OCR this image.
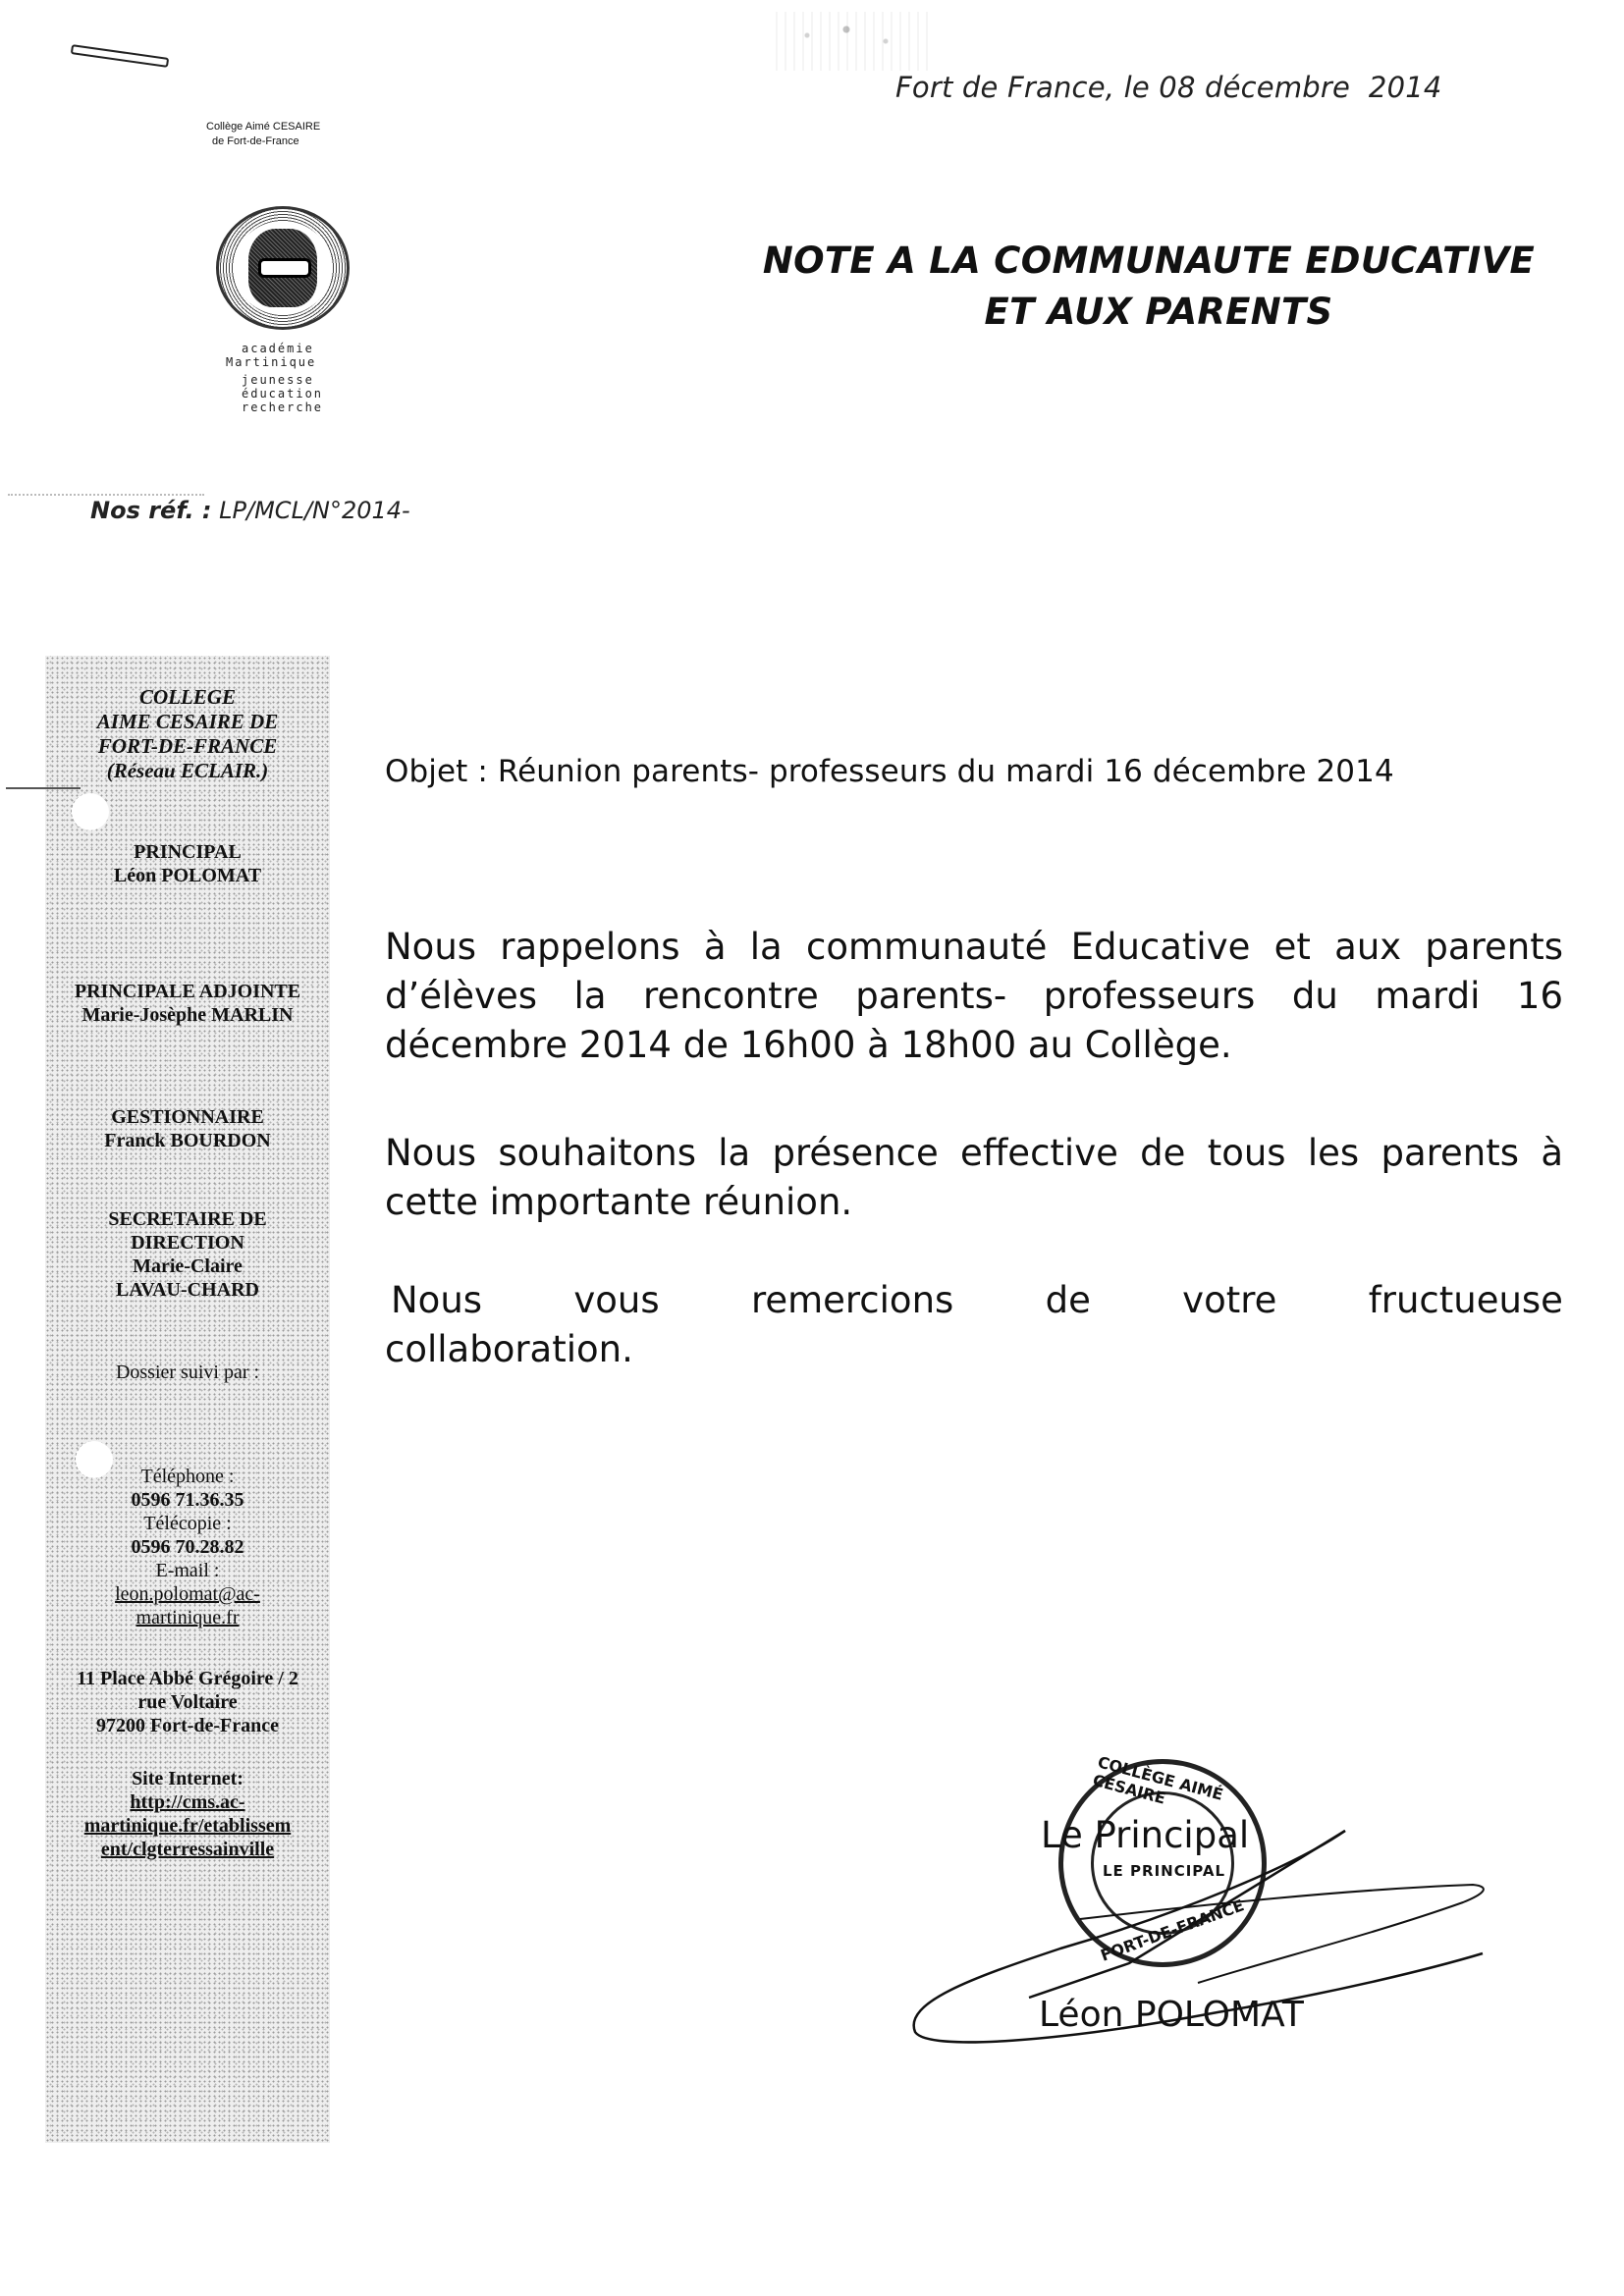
Collège Aimé CESAIRE
de Fort-de-France
académie
Martinique
jeunesse
éducation
recherche
Fort de France, le 08 décembre  2014
NOTE A LA COMMUNAUTE EDUCATIVE
ET AUX PARENTS
Nos réf. : LP/MCL/N°2014-
COLLEGE
AIME CESAIRE DE
FORT-DE-FRANCE
(Réseau ECLAIR.)
PRINCIPAL
Léon POLOMAT
PRINCIPALE ADJOINTE
Marie-Josèphe MARLIN
GESTIONNAIRE
Franck BOURDON
SECRETAIRE DE
DIRECTION
Marie-Claire
LAVAU-CHARD
Dossier suivi par :
Téléphone :
0596 71.36.35
Télécopie :
0596 70.28.82
E-mail :
leon.polomat@ac-
martinique.fr
11 Place Abbé Grégoire / 2
rue Voltaire
97200 Fort-de-France
Site Internet:
http://cms.ac-
martinique.fr/etablissem
ent/clgterressainville
Objet : Réunion parents- professeurs du mardi 16 décembre 2014
Nous rappelons à la communauté Educative et aux parents d’élèves la rencontre parents- professeurs du mardi 16 décembre 2014 de 16h00 à 18h00 au Collège.
Nous souhaitons la présence effective de tous les parents à cette importante réunion.
Nous	vous	remercions	de	votre	fructueuse
collaboration.
COLLÈGE AIMÉ CÉSAIRE
LE PRINCIPAL
FORT-DE-FRANCE
Le Principal
Léon POLOMAT
